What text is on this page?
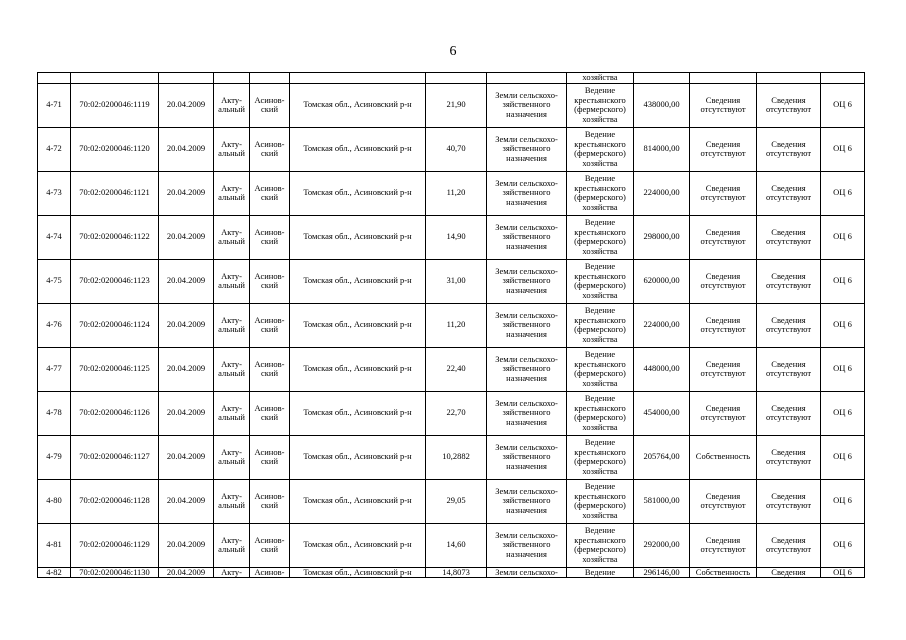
6
								хозяйства				
4-71	70:02:0200046:1119	20.04.2009	Акту-альный	Асинов-ский	Томская обл., Асиновский р-н	21,90	Земли сельскохо-зяйственного назначения	Ведение крестьянского (фермерского) хозяйства	438000,00	Сведения отсутствуют	Сведения отсутствуют	ОЦ 6
4-72	70:02:0200046:1120	20.04.2009	Акту-альный	Асинов-ский	Томская обл., Асиновский р-н	40,70	Земли сельскохо-зяйственного назначения	Ведение крестьянского (фермерского) хозяйства	814000,00	Сведения отсутствуют	Сведения отсутствуют	ОЦ 6
4-73	70:02:0200046:1121	20.04.2009	Акту-альный	Асинов-ский	Томская обл., Асиновский р-н	11,20	Земли сельскохо-зяйственного назначения	Ведение крестьянского (фермерского) хозяйства	224000,00	Сведения отсутствуют	Сведения отсутствуют	ОЦ 6
4-74	70:02:0200046:1122	20.04.2009	Акту-альный	Асинов-ский	Томская обл., Асиновский р-н	14,90	Земли сельскохо-зяйственного назначения	Ведение крестьянского (фермерского) хозяйства	298000,00	Сведения отсутствуют	Сведения отсутствуют	ОЦ 6
4-75	70:02:0200046:1123	20.04.2009	Акту-альный	Асинов-ский	Томская обл., Асиновский р-н	31,00	Земли сельскохо-зяйственного назначения	Ведение крестьянского (фермерского) хозяйства	620000,00	Сведения отсутствуют	Сведения отсутствуют	ОЦ 6
4-76	70:02:0200046:1124	20.04.2009	Акту-альный	Асинов-ский	Томская обл., Асиновский р-н	11,20	Земли сельскохо-зяйственного назначения	Ведение крестьянского (фермерского) хозяйства	224000,00	Сведения отсутствуют	Сведения отсутствуют	ОЦ 6
4-77	70:02:0200046:1125	20.04.2009	Акту-альный	Асинов-ский	Томская обл., Асиновский р-н	22,40	Земли сельскохо-зяйственного назначения	Ведение крестьянского (фермерского) хозяйства	448000,00	Сведения отсутствуют	Сведения отсутствуют	ОЦ 6
4-78	70:02:0200046:1126	20.04.2009	Акту-альный	Асинов-ский	Томская обл., Асиновский р-н	22,70	Земли сельскохо-зяйственного назначения	Ведение крестьянского (фермерского) хозяйства	454000,00	Сведения отсутствуют	Сведения отсутствуют	ОЦ 6
4-79	70:02:0200046:1127	20.04.2009	Акту-альный	Асинов-ский	Томская обл., Асиновский р-н	10,2882	Земли сельскохо-зяйственного назначения	Ведение крестьянского (фермерского) хозяйства	205764,00	Собственность	Сведения отсутствуют	ОЦ 6
4-80	70:02:0200046:1128	20.04.2009	Акту-альный	Асинов-ский	Томская обл., Асиновский р-н	29,05	Земли сельскохо-зяйственного назначения	Ведение крестьянского (фермерского) хозяйства	581000,00	Сведения отсутствуют	Сведения отсутствуют	ОЦ 6
4-81	70:02:0200046:1129	20.04.2009	Акту-альный	Асинов-ский	Томская обл., Асиновский р-н	14,60	Земли сельскохо-зяйственного назначения	Ведение крестьянского (фермерского) хозяйства	292000,00	Сведения отсутствуют	Сведения отсутствуют	ОЦ 6
4-82	70:02:0200046:1130	20.04.2009	Акту-	Асинов-	Томская обл., Асиновский р-н	14,8073	Земли сельскохо-	Ведение	296146,00	Собственность	Сведения	ОЦ 6
